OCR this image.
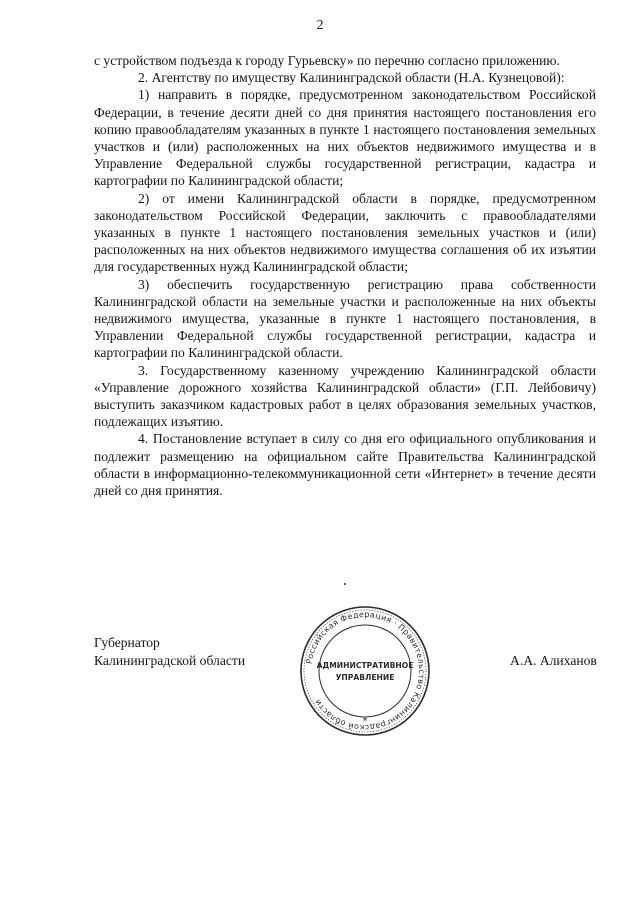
2

с устройством подъезда к городу Гурьевску» по перечню согласно приложению.

2. Агентству по имуществу Калининградской области (Н.А. Кузнецовой):

1) направить в порядке, предусмотренном законодательством Российской Федерации, в течение десяти дней со дня принятия настоящего постановления его копию правообладателям указанных в пункте 1 настоящего постановления земельных участков и (или) расположенных на них объектов недвижимого имущества и в Управление Федеральной службы государственной регистрации, кадастра и картографии по Калининградской области;

2) от имени Калининградской области в порядке, предусмотренном законодательством Российской Федерации, заключить с правообладателями указанных в пункте 1 настоящего постановления земельных участков и (или) расположенных на них объектов недвижимого имущества соглашения об их изъятии для государственных нужд Калининградской области;

3) обеспечить государственную регистрацию права собственности Калининградской области на земельные участки и расположенные на них объекты недвижимого имущества, указанные в пункте 1 настоящего постановления, в Управлении Федеральной службы государственной регистрации, кадастра и картографии по Калининградской области.

3. Государственному казенному учреждению Калининградской области «Управление дорожного хозяйства Калининградской области» (Г.П. Лейбовичу) выступить заказчиком кадастровых работ в целях образования земельных участков, подлежащих изъятию.

4. Постановление вступает в силу со дня его официального опубликования и подлежит размещению на официальном сайте Правительства Калининградской области в информационно-телекоммуникационной сети «Интернет» в течение десяти дней со дня принятия.

Губернатор
Калининградской области	А.А. Алиханов
Российская Федерация · Правительство Калининградской области
АДМИНИСТРАТИВНОЕ
УПРАВЛЕНИЕ
*
